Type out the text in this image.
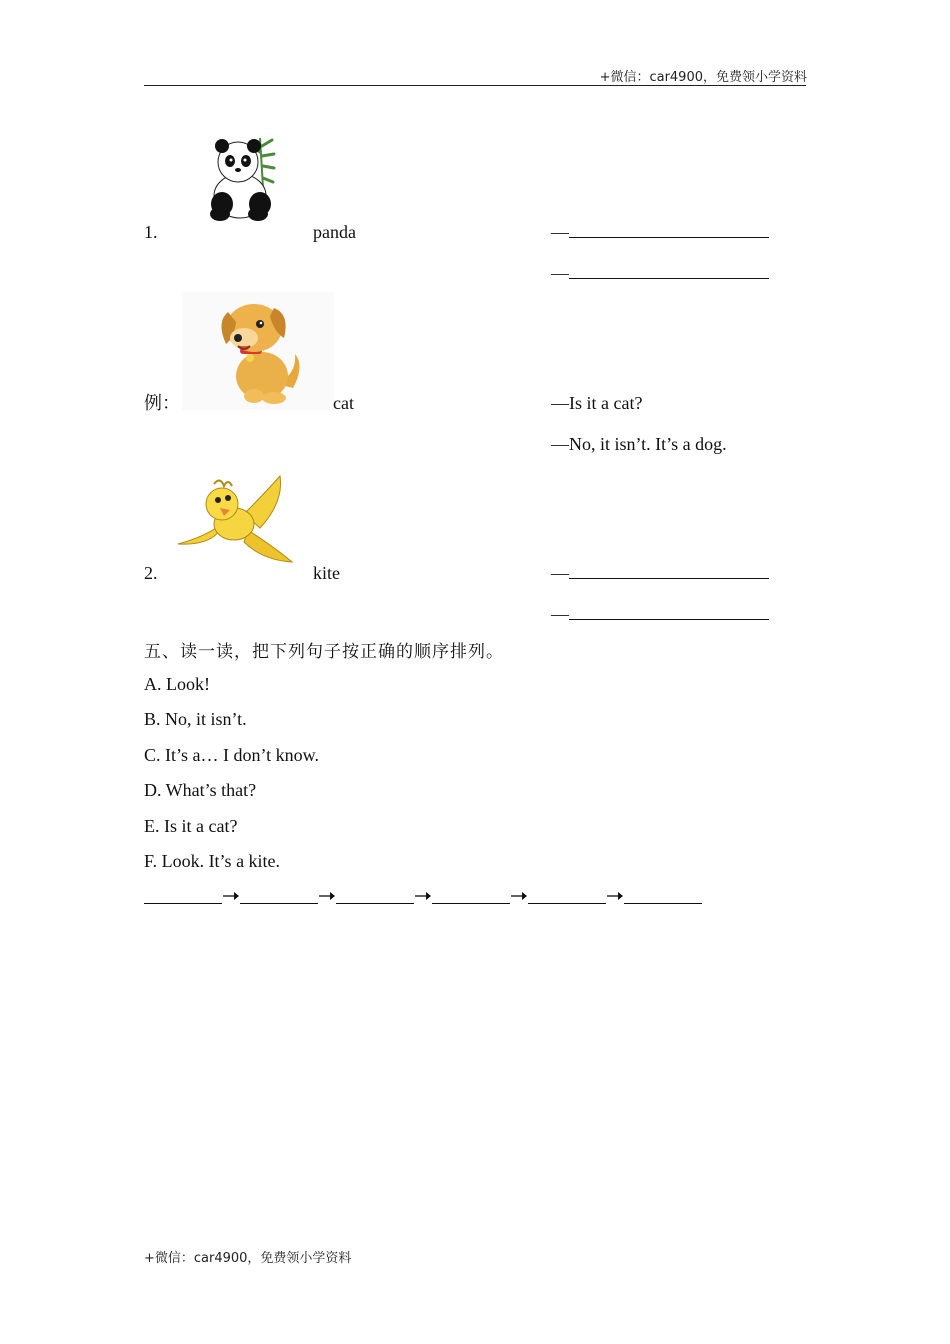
+微信：car4900，免费领小学资料
1.	panda	—
—
例：	cat	—Is it a cat?
—No, it isn’t. It’s a dog.
2.	kite	—
—
五、读一读，把下列句子按正确的顺序排列。
A. Look!
B. No, it isn’t.
C. It’s a… I don’t know.
D. What’s that?
E. Is it a cat?
F. Look. It’s a kite.
+微信：car4900，免费领小学资料
